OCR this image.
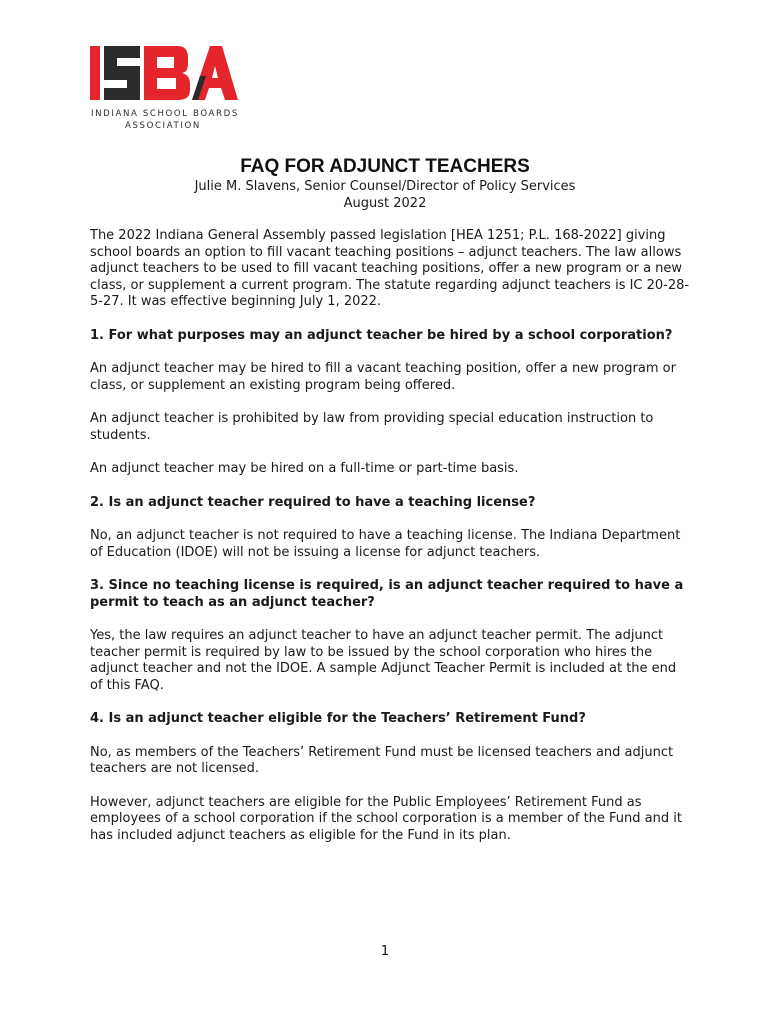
INDIANA SCHOOL BOARDS
ASSOCIATION
FAQ FOR ADJUNCT TEACHERS
Julie M. Slavens, Senior Counsel/Director of Policy Services
August 2022

The 2022 Indiana General Assembly passed legislation [HEA 1251; P.L. 168-2022] giving school boards an option to fill vacant teaching positions – adjunct teachers. The law allows adjunct teachers to be used to fill vacant teaching positions, offer a new program or a new class, or supplement a current program. The statute regarding adjunct teachers is IC 20-28-5-27. It was effective beginning July 1, 2022.

1. For what purposes may an adjunct teacher be hired by a school corporation?

An adjunct teacher may be hired to fill a vacant teaching position, offer a new program or class, or supplement an existing program being offered.

An adjunct teacher is prohibited by law from providing special education instruction to students.

An adjunct teacher may be hired on a full-time or part-time basis.

2. Is an adjunct teacher required to have a teaching license?

No, an adjunct teacher is not required to have a teaching license. The Indiana Department of Education (IDOE) will not be issuing a license for adjunct teachers.

3. Since no teaching license is required, is an adjunct teacher required to have a permit to teach as an adjunct teacher?

Yes, the law requires an adjunct teacher to have an adjunct teacher permit. The adjunct teacher permit is required by law to be issued by the school corporation who hires the adjunct teacher and not the IDOE. A sample Adjunct Teacher Permit is included at the end of this FAQ.

4. Is an adjunct teacher eligible for the Teachers’ Retirement Fund?

No, as members of the Teachers’ Retirement Fund must be licensed teachers and adjunct teachers are not licensed.

However, adjunct teachers are eligible for the Public Employees’ Retirement Fund as employees of a school corporation if the school corporation is a member of the Fund and it has included adjunct teachers as eligible for the Fund in its plan.

1
